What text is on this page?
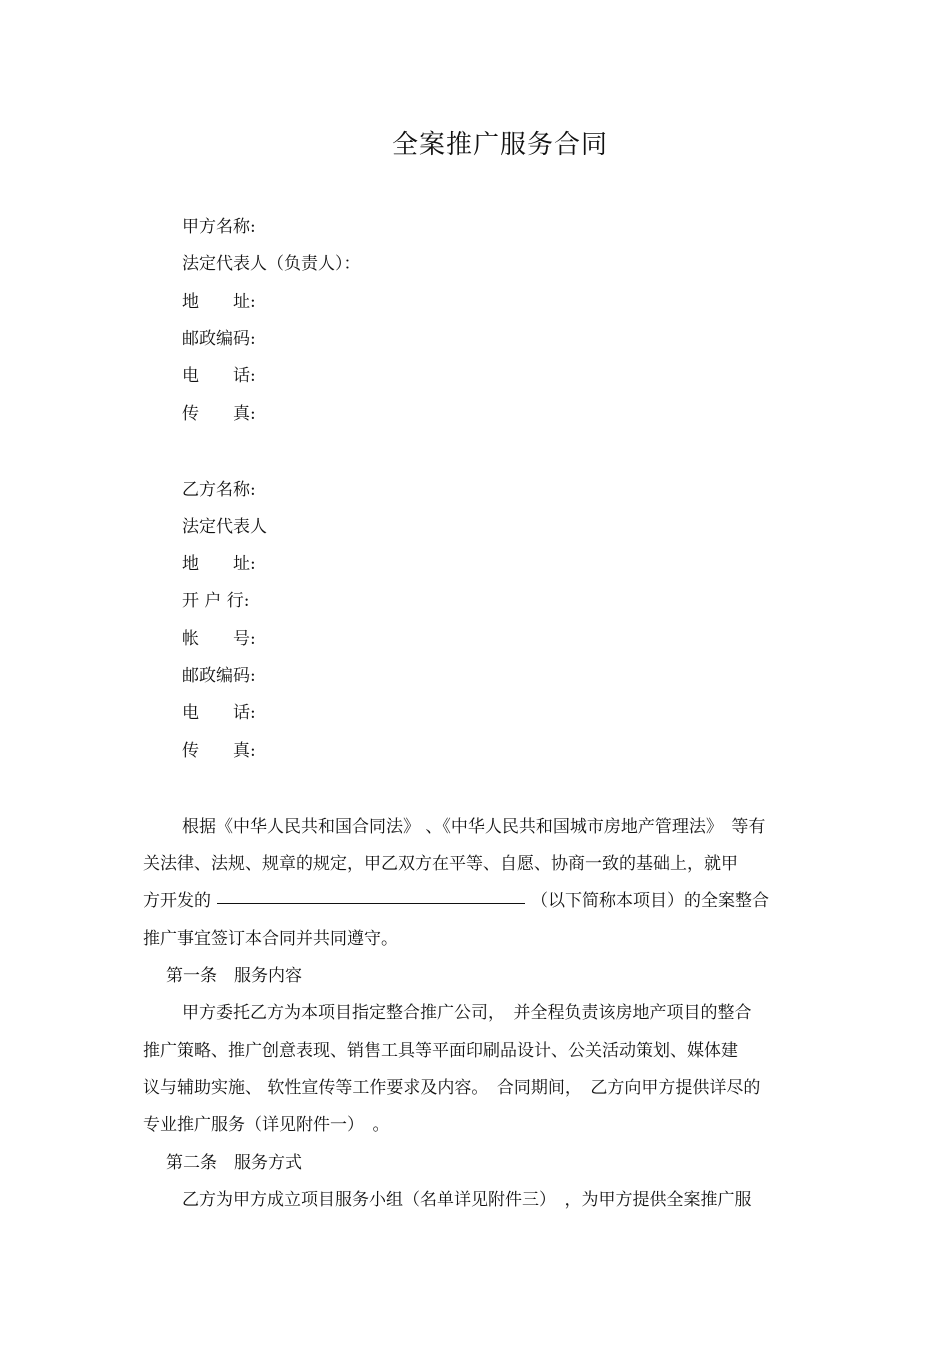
全案推广服务合同
甲方名称:
法定代表人（负责人）：
地　　址:
邮政编码:
电　　话:
传　　真:
乙方名称:
法定代表人
地　　址:
开 户 行:
帐　　号:
邮政编码:
电　　话:
传　　真:
根据《中华人民共和国合同法》 、《中华人民共和国城市房地产管理法》　等有
关法律、法规、规章的规定，甲乙双方在平等、自愿、协商一致的基础上，就甲
方开发的	（以下简称本项目）的全案整合
推广事宜签订本合同并共同遵守。
第一条　服务内容
甲方委托乙方为本项目指定整合推广公司，　并全程负责该房地产项目的整合
推广策略、推广创意表现、销售工具等平面印刷品设计、公关活动策划、媒体建
议与辅助实施、 软性宣传等工作要求及内容。　合同期间，　乙方向甲方提供详尽的
专业推广服务（详见附件一）　。
第二条　服务方式
乙方为甲方成立项目服务小组（名单详见附件三）　，为甲方提供全案推广服
